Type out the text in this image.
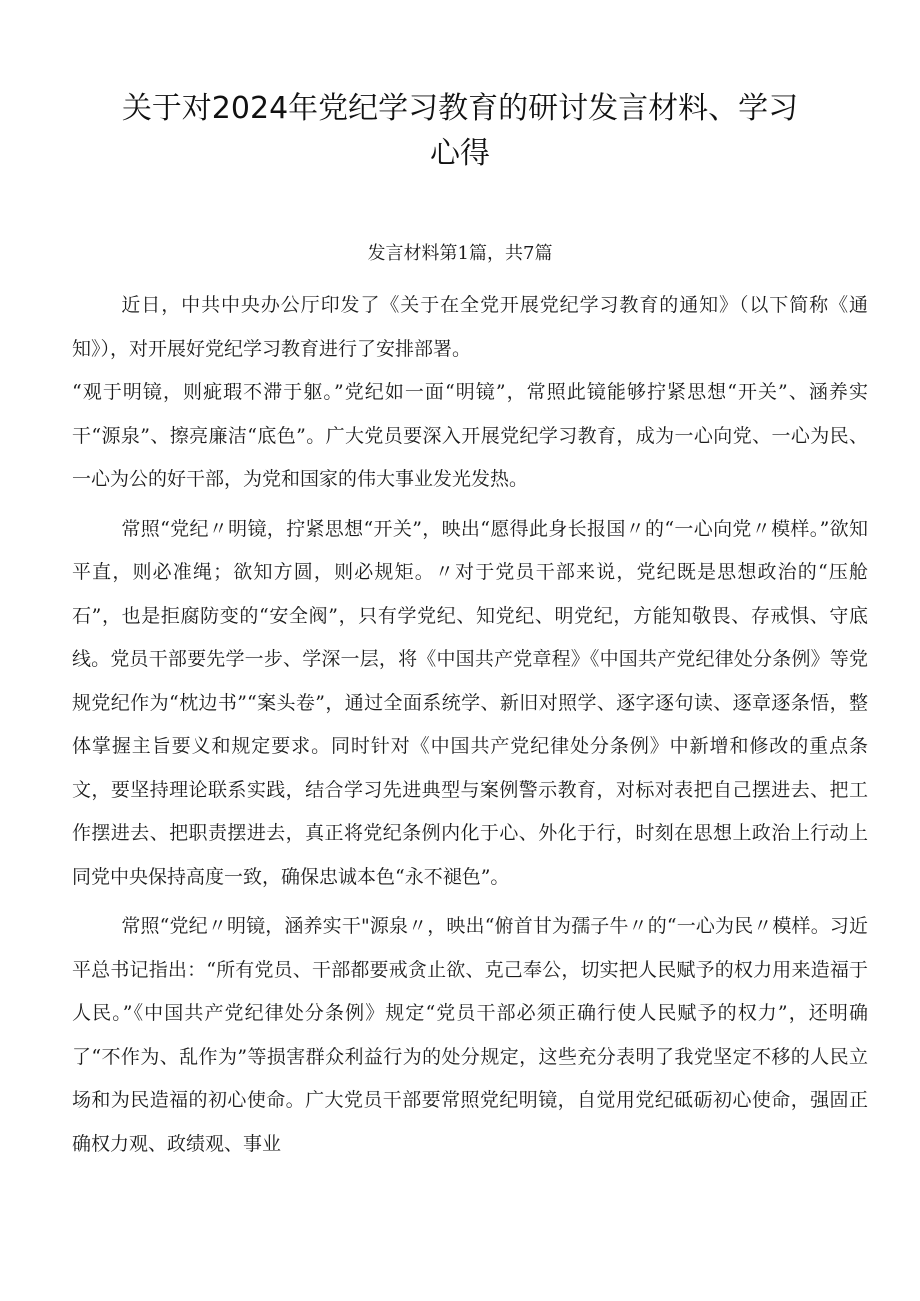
关于对2024年党纪学习教育的研讨发言材料、学习心得
发言材料第1篇，共7篇

近日，中共中央办公厅印发了《关于在全党开展党纪学习教育的通知》（以下简称《通知》），对开展好党纪学习教育进行了安排部署。

“观于明镜，则疵瑕不滞于躯。”党纪如一面“明镜”，常照此镜能够拧紧思想“开关”、涵养实干“源泉”、擦亮廉洁“底色”。广大党员要深入开展党纪学习教育，成为一心向党、一心为民、一心为公的好干部，为党和国家的伟大事业发光发热。

常照“党纪〃明镜，拧紧思想“开关”，映出“愿得此身长报国〃的“一心向党〃模样。”欲知平直，则必准绳；欲知方圆，则必规矩。〃对于党员干部来说，党纪既是思想政治的“压舱石”，也是拒腐防变的“安全阀”，只有学党纪、知党纪、明党纪，方能知敬畏、存戒惧、守底线。党员干部要先学一步、学深一层，将《中国共产党章程》《中国共产党纪律处分条例》等党规党纪作为“枕边书”“案头卷”，通过全面系统学、新旧对照学、逐字逐句读、逐章逐条悟，整体掌握主旨要义和规定要求。同时针对《中国共产党纪律处分条例》中新增和修改的重点条文，要坚持理论联系实践，结合学习先进典型与案例警示教育，对标对表把自己摆进去、把工作摆进去、把职责摆进去，真正将党纪条例内化于心、外化于行，时刻在思想上政治上行动上同党中央保持高度一致，确保忠诚本色“永不褪色”。

常照“党纪〃明镜，涵养实干"源泉〃，映出“俯首甘为孺子牛〃的“一心为民〃模样。习近平总书记指出：“所有党员、干部都要戒贪止欲、克己奉公，切实把人民赋予的权力用来造福于人民。”《中国共产党纪律处分条例》规定“党员干部必须正确行使人民赋予的权力”，还明确了“不作为、乱作为”等损害群众利益行为的处分规定，这些充分表明了我党坚定不移的人民立场和为民造福的初心使命。广大党员干部要常照党纪明镜，自觉用党纪砥砺初心使命，强固正确权力观、政绩观、事业
